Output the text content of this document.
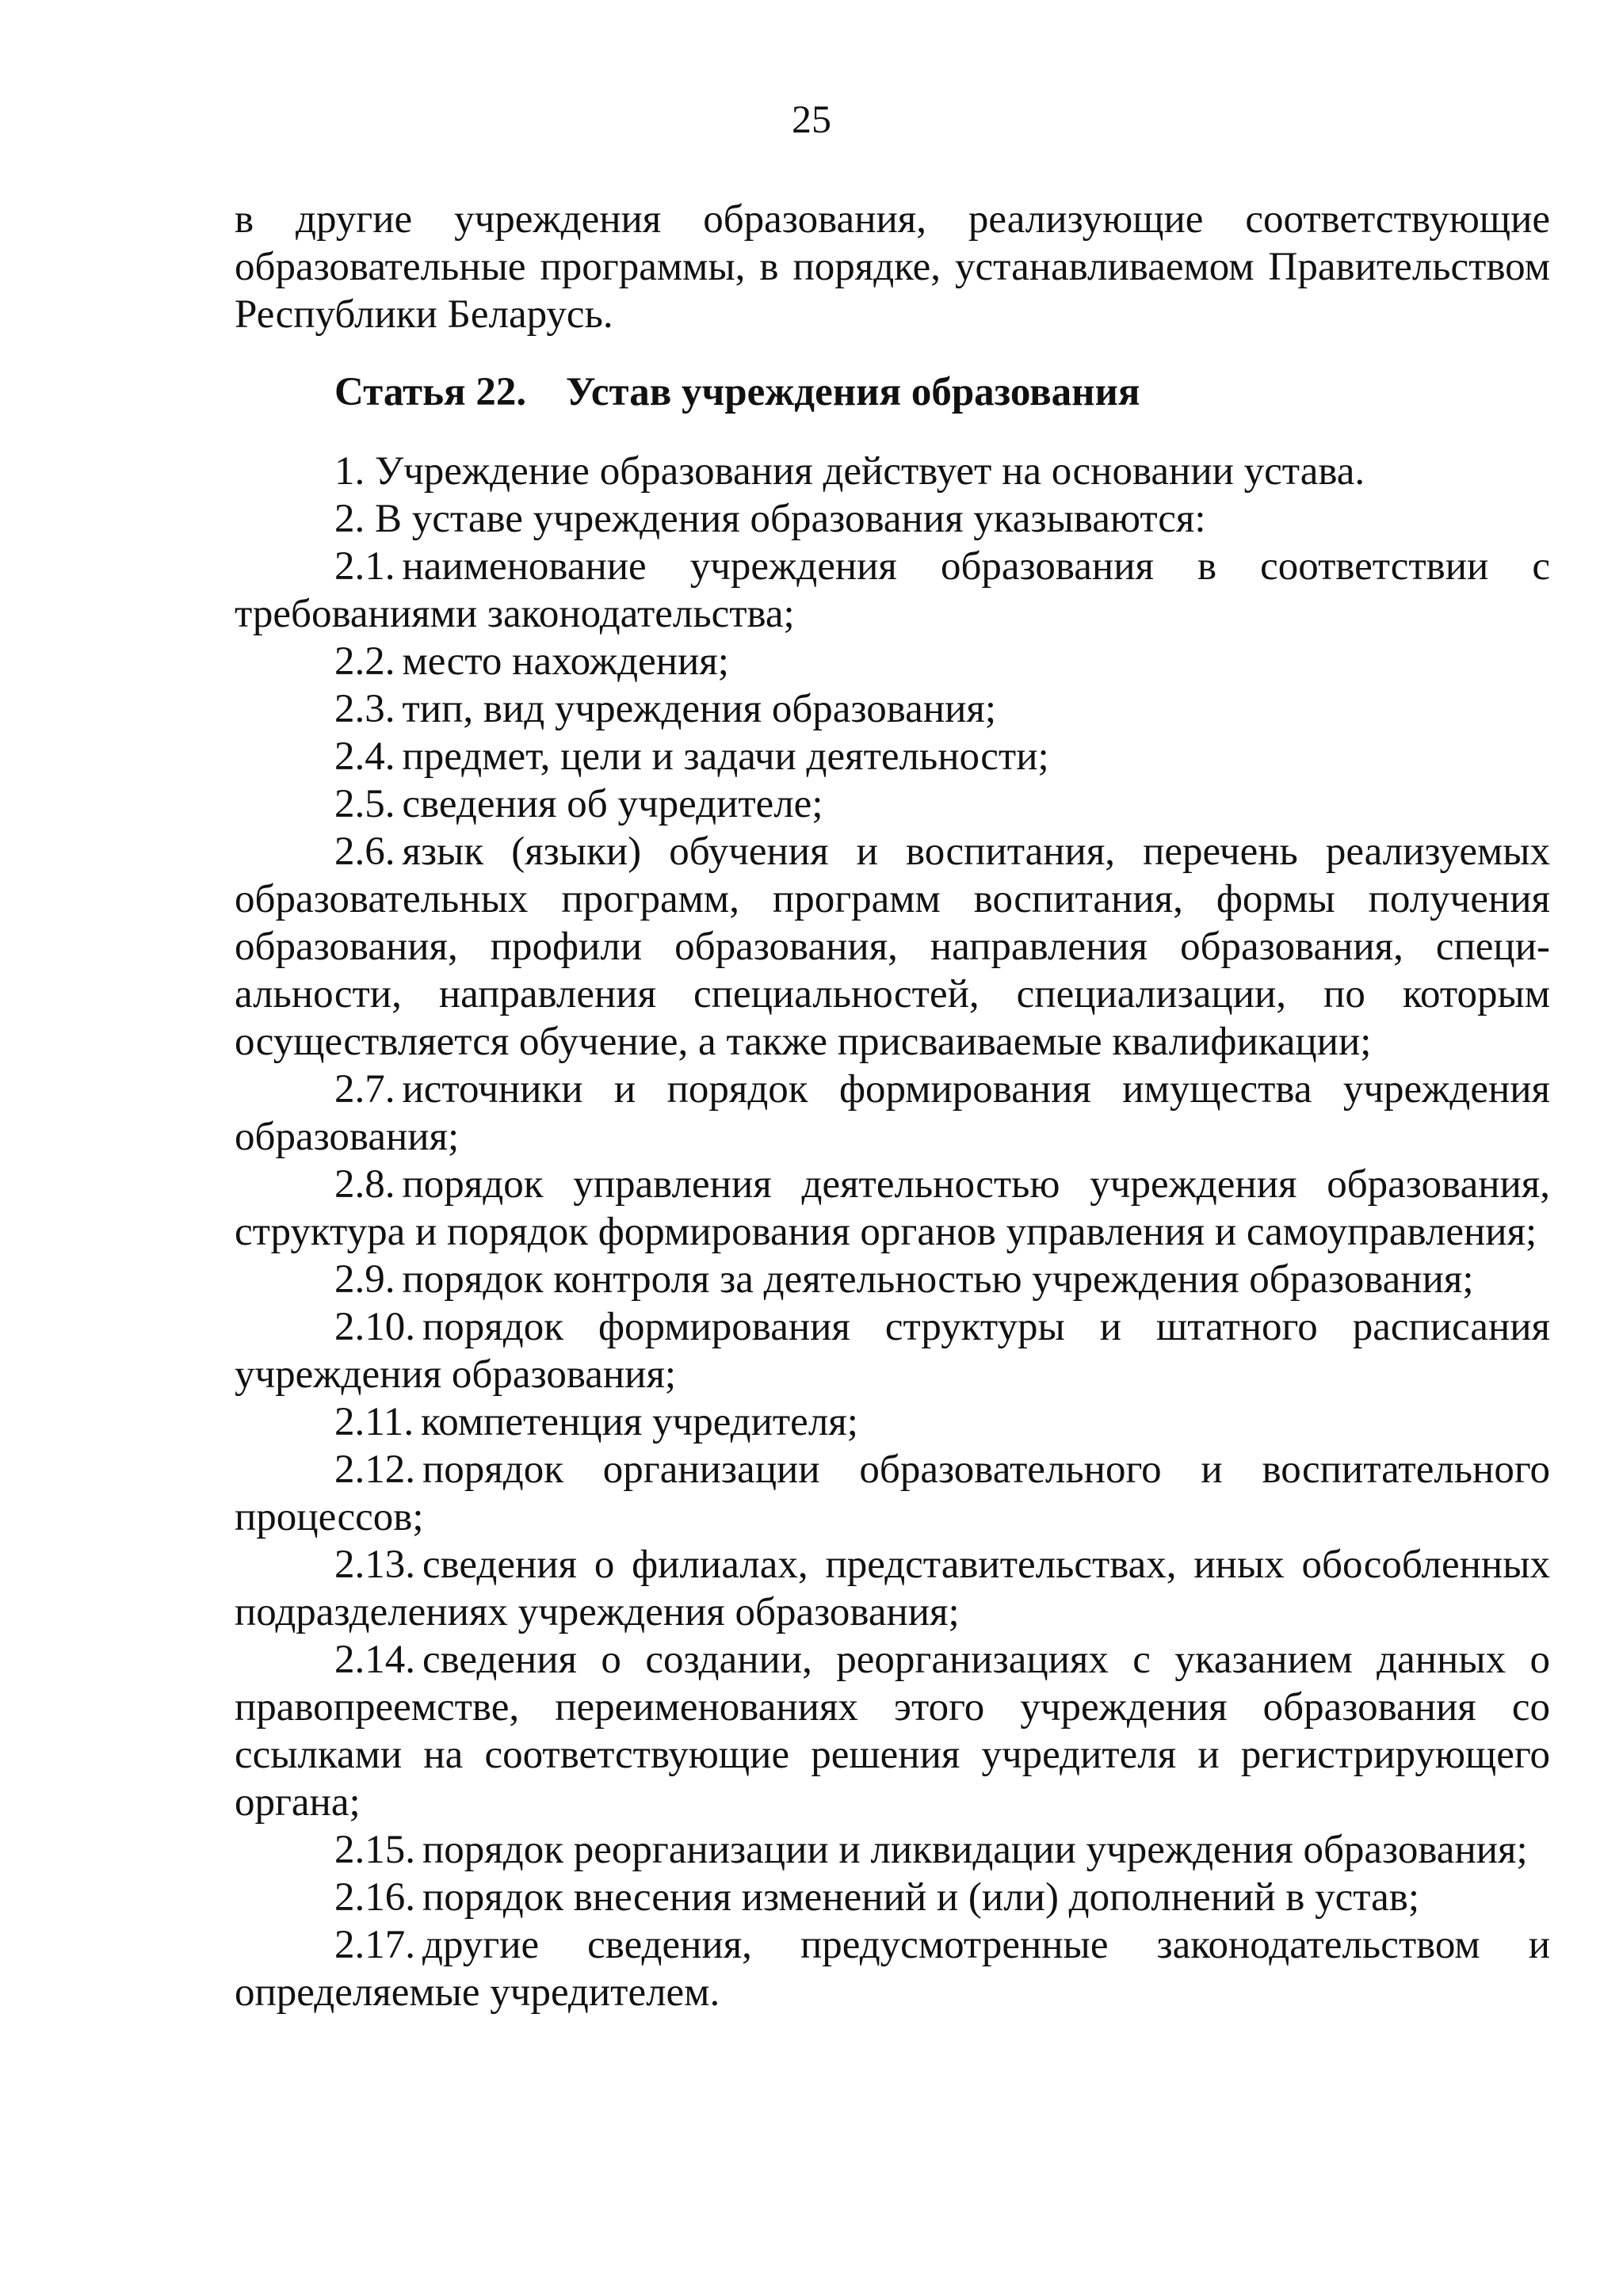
25

в другие учреждения образования, реализующие соответствующие образовательные программы, в порядке, устанавливаемом Правительством Республики Беларусь.

Статья 22. Устав учреждения образования

1. Учреждение образования действует на основании устава.

2. В уставе учреждения образования указываются:

2.1. наименование учреждения образования в соответствии с требованиями законодательства;

2.2. место нахождения;

2.3. тип, вид учреждения образования;

2.4. предмет, цели и задачи деятельности;

2.5. сведения об учредителе;

2.6. язык (языки) обучения и воспитания, перечень реализуемых образовательных программ, программ воспитания, формы получения образования, профили образования, направления образования, специальности, направления специальностей, специализации, по которым осуществляется обучение, а также присваиваемые квалификации;

2.7. источники и порядок формирования имущества учреждения образования;

2.8. порядок управления деятельностью учреждения образования, структура и порядок формирования органов управления и самоуправления;

2.9. порядок контроля за деятельностью учреждения образования;

2.10. порядок формирования структуры и штатного расписания учреждения образования;

2.11. компетенция учредителя;

2.12. порядок организации образовательного и воспитательного процессов;

2.13. сведения о филиалах, представительствах, иных обособленных подразделениях учреждения образования;

2.14. сведения о создании, реорганизациях с указанием данных о правопреемстве, переименованиях этого учреждения образования со ссылками на соответствующие решения учредителя и регистрирующего органа;

2.15. порядок реорганизации и ликвидации учреждения образования;

2.16. порядок внесения изменений и (или) дополнений в устав;

2.17. другие сведения, предусмотренные законодательством и определяемые учредителем.
